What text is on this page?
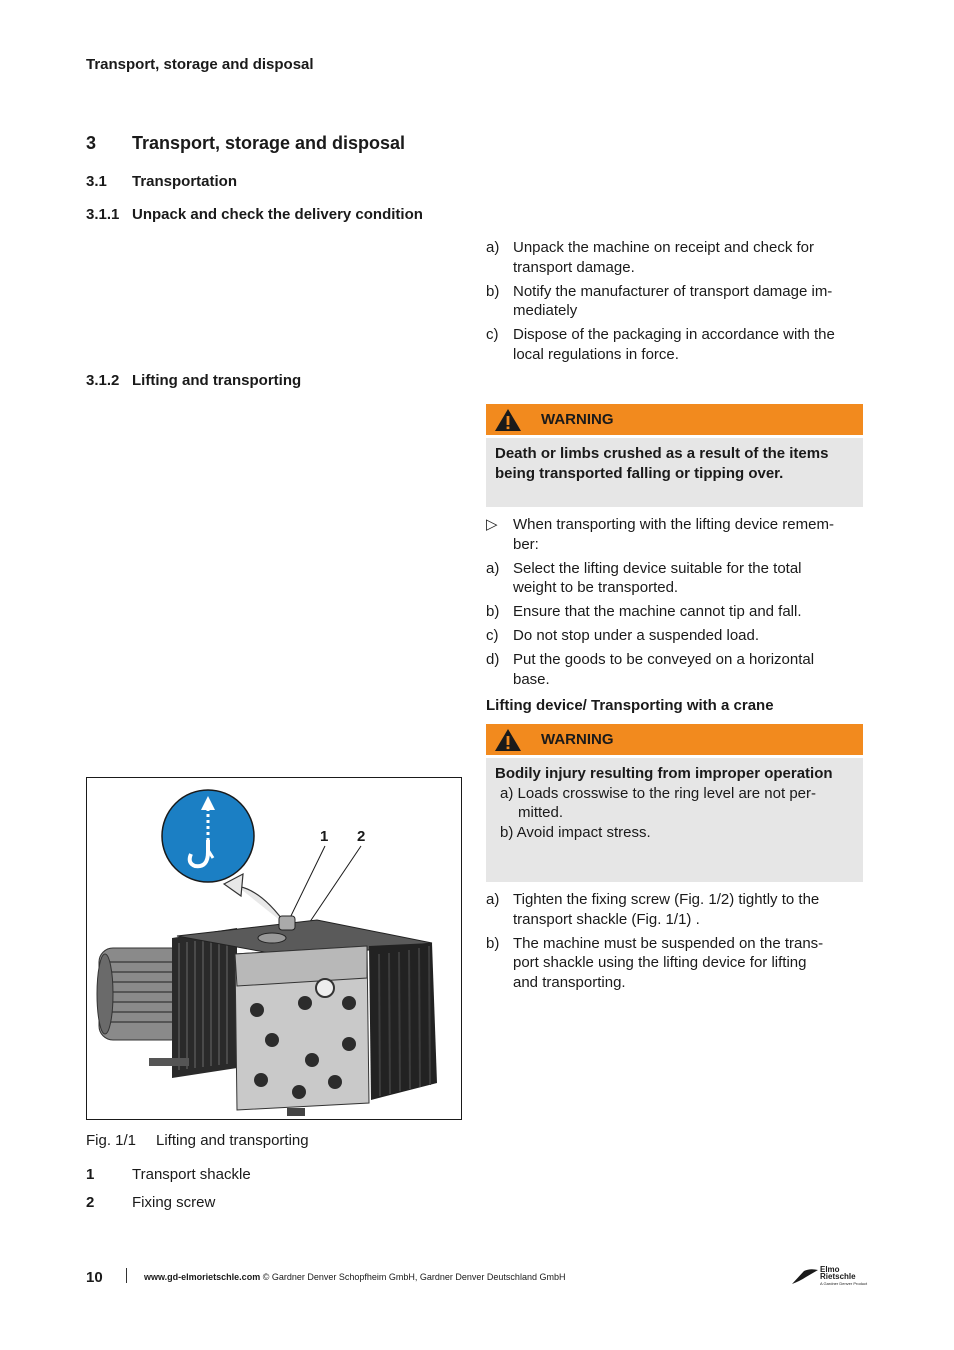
Transport, storage and disposal
3 Transport, storage and disposal
3.1 Transportation
3.1.1 Unpack and check the delivery condition
a) Unpack the machine on receipt and check for
transport damage.
b) Notify the manufacturer of transport damage im-
mediately
c) Dispose of the packaging in accordance with the
local regulations in force.
3.1.2 Lifting and transporting
WARNING
Death or limbs crushed as a result of the items
being transported falling or tipping over.
▷ When transporting with the lifting device remem-
ber:
a) Select the lifting device suitable for the total
weight to be transported.
b) Ensure that the machine cannot tip and fall.
c) Do not stop under a suspended load.
d) Put the goods to be conveyed on a horizontal
base.
Lifting device/ Transporting with a crane
WARNING
Bodily injury resulting from improper operation
a) Loads crosswise to the ring level are not per-
mitted.
b) Avoid impact stress.
a) Tighten the fixing screw (Fig. 1/2) tightly to the
transport shackle (Fig. 1/1) .
b) The machine must be suspended on the trans-
port shackle using the lifting device for lifting
and transporting.
1 2
Fig. 1/1 Lifting and transporting
1	Transport shackle
2	Fixing screw
10	www.gd-elmorietschle.com © Gardner Denver Schopfheim GmbH, Gardner Denver Deutschland GmbH
Elmo
Rietschle
A Gardner Denver Product
